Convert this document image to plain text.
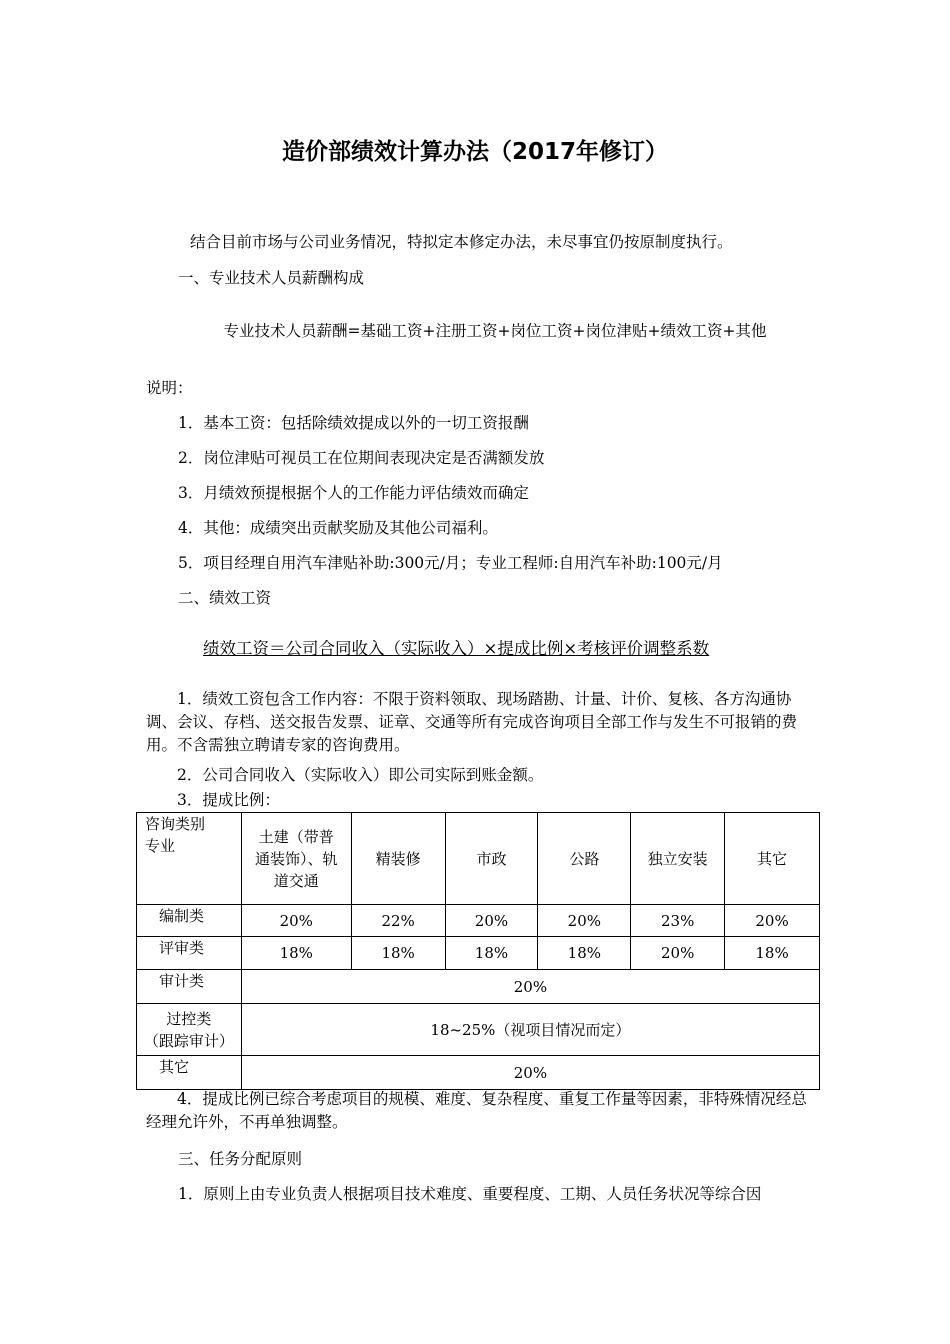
造价部绩效计算办法（2017年修订）
结合目前市场与公司业务情况，特拟定本修定办法，未尽事宜仍按原制度执行。
一、专业技术人员薪酬构成
专业技术人员薪酬=基础工资+注册工资+岗位工资+岗位津贴+绩效工资+其他
说明：
1．基本工资：包括除绩效提成以外的一切工资报酬
2．岗位津贴可视员工在位期间表现决定是否满额发放
3．月绩效预提根据个人的工作能力评估绩效而确定
4．其他：成绩突出贡献奖励及其他公司福利。
5．项目经理自用汽车津贴补助:300元/月；专业工程师:自用汽车补助:100元/月
二、绩效工资
绩效工资＝公司合同收入（实际收入）×提成比例×考核评价调整系数
1．绩效工资包含工作内容：不限于资料领取、现场踏勘、计量、计价、复核、各方沟通协调、会议、存档、送交报告发票、证章、交通等所有完成咨询项目全部工作与发生不可报销的费用。不含需独立聘请专家的咨询费用。
2．公司合同收入（实际收入）即公司实际到账金额。
3．提成比例：
咨询类别
专业	土建（带普通装饰）、轨道交通	精装修	市政	公路	独立安装	其它
编制类	20%	22%	20%	20%	23%	20%
评审类	18%	18%	18%	18%	20%	18%
审计类	20%					

过控类
（跟踪审计）	18~25%（视项目情况而定）					
其它	20%					
4．提成比例已综合考虑项目的规模、难度、复杂程度、重复工作量等因素，非特殊情况经总经理允许外，不再单独调整。
三、任务分配原则
1．原则上由专业负责人根据项目技术难度、重要程度、工期、人员任务状况等综合因
